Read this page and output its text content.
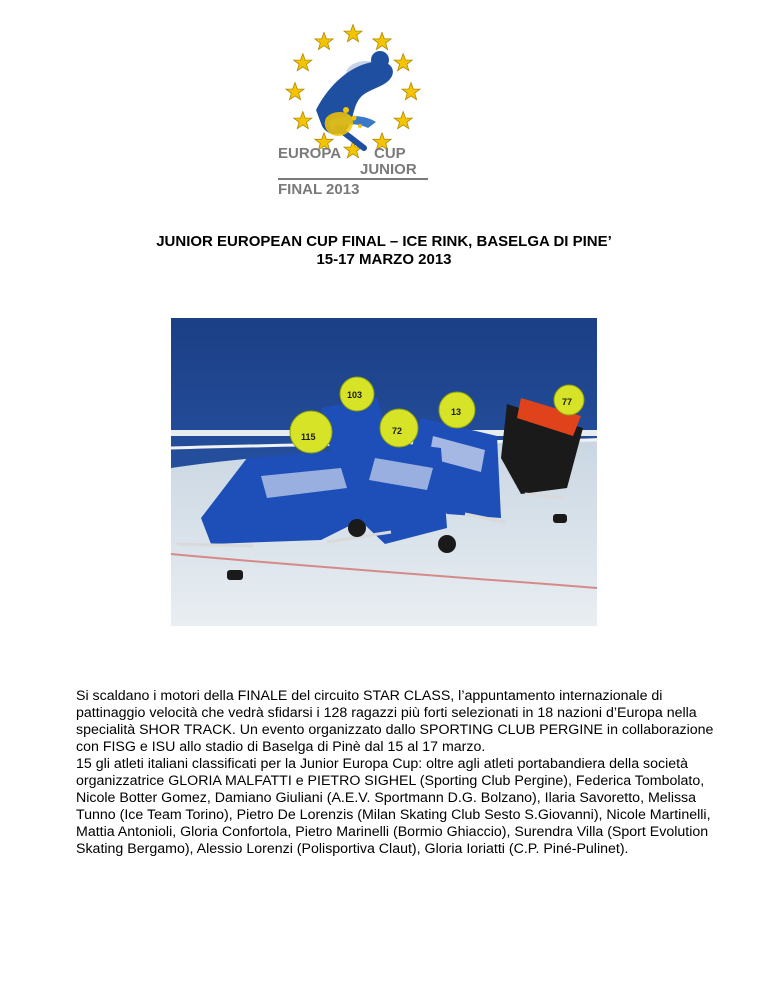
EUROPA CUP
JUNIOR
FINAL 2013
JUNIOR EUROPEAN CUP FINAL – ICE RINK, BASELGA DI PINE’
15-17 MARZO 2013
103
77
13
72
115

Si scaldano i motori della FINALE del circuito STAR CLASS, l’appuntamento internazionale di pattinaggio velocità che vedrà sfidarsi i 128 ragazzi più forti selezionati in 18 nazioni d’Europa nella specialità SHOR TRACK. Un evento organizzato dallo SPORTING CLUB PERGINE in collaborazione con FISG e ISU allo stadio di Baselga di Pinè dal 15 al 17 marzo.

15 gli atleti italiani classificati per la Junior Europa Cup: oltre agli atleti portabandiera della società organizzatrice GLORIA MALFATTI e PIETRO SIGHEL (Sporting Club Pergine), Federica Tombolato, Nicole Botter Gomez, Damiano Giuliani (A.E.V. Sportmann D.G. Bolzano), Ilaria Savoretto, Melissa Tunno (Ice Team Torino), Pietro De Lorenzis (Milan Skating Club Sesto S.Giovanni), Nicole Martinelli, Mattia Antonioli, Gloria Confortola, Pietro Marinelli (Bormio Ghiaccio), Surendra Villa (Sport Evolution Skating Bergamo), Alessio Lorenzi (Polisportiva Claut), Gloria Ioriatti (C.P. Piné-Pulinet).
